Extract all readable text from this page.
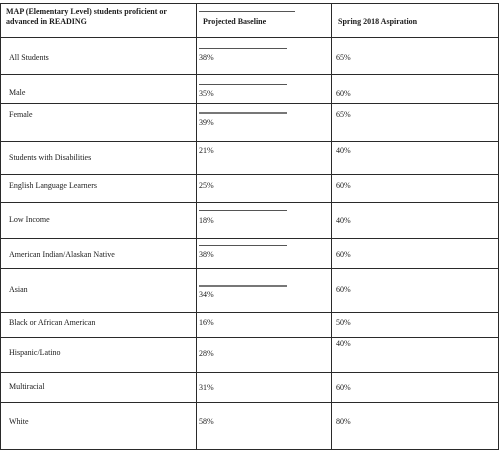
MAP (Elementary Level) students proficient or advanced in READING	Projected Baseline	Spring 2018 Aspiration

All Students	38%	65%

Male	35%	60%

Female	39%	65%

Students with Disabilities	21%	40%

English Language Learners	25%	60%

Low Income	18%	40%

American Indian/Alaskan Native	38%	60%

Asian	34%	60%

Black or African American	16%	50%

Hispanic/Latino	28%	40%

Multiracial	31%	60%

White	58%	80%
